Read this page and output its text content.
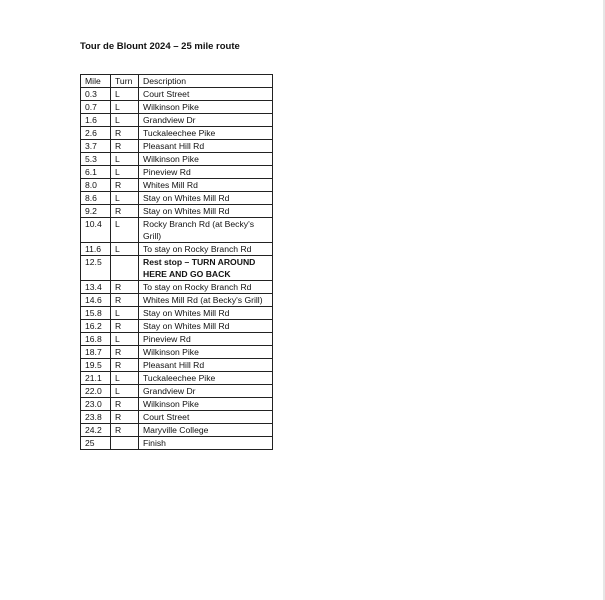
Tour de Blount 2024 – 25 mile route
Mile	Turn	Description
0.3	L	Court Street
0.7	L	Wilkinson Pike
1.6	L	Grandview Dr
2.6	R	Tuckaleechee Pike
3.7	R	Pleasant Hill Rd
5.3	L	Wilkinson Pike
6.1	L	Pineview Rd
8.0	R	Whites Mill Rd
8.6	L	Stay on Whites Mill Rd
9.2	R	Stay on Whites Mill Rd
10.4	L	Rocky Branch Rd (at Becky's Grill)
11.6	L	To stay on Rocky Branch Rd
12.5		Rest stop – TURN AROUND HERE AND GO BACK
13.4	R	To stay on Rocky Branch Rd
14.6	R	Whites Mill Rd (at Becky's Grill)
15.8	L	Stay on Whites Mill Rd
16.2	R	Stay on Whites Mill Rd
16.8	L	Pineview Rd
18.7	R	Wilkinson Pike
19.5	R	Pleasant Hill Rd
21.1	L	Tuckaleechee Pike
22.0	L	Grandview Dr
23.0	R	Wilkinson Pike
23.8	R	Court Street
24.2	R	Maryville College
25		Finish
